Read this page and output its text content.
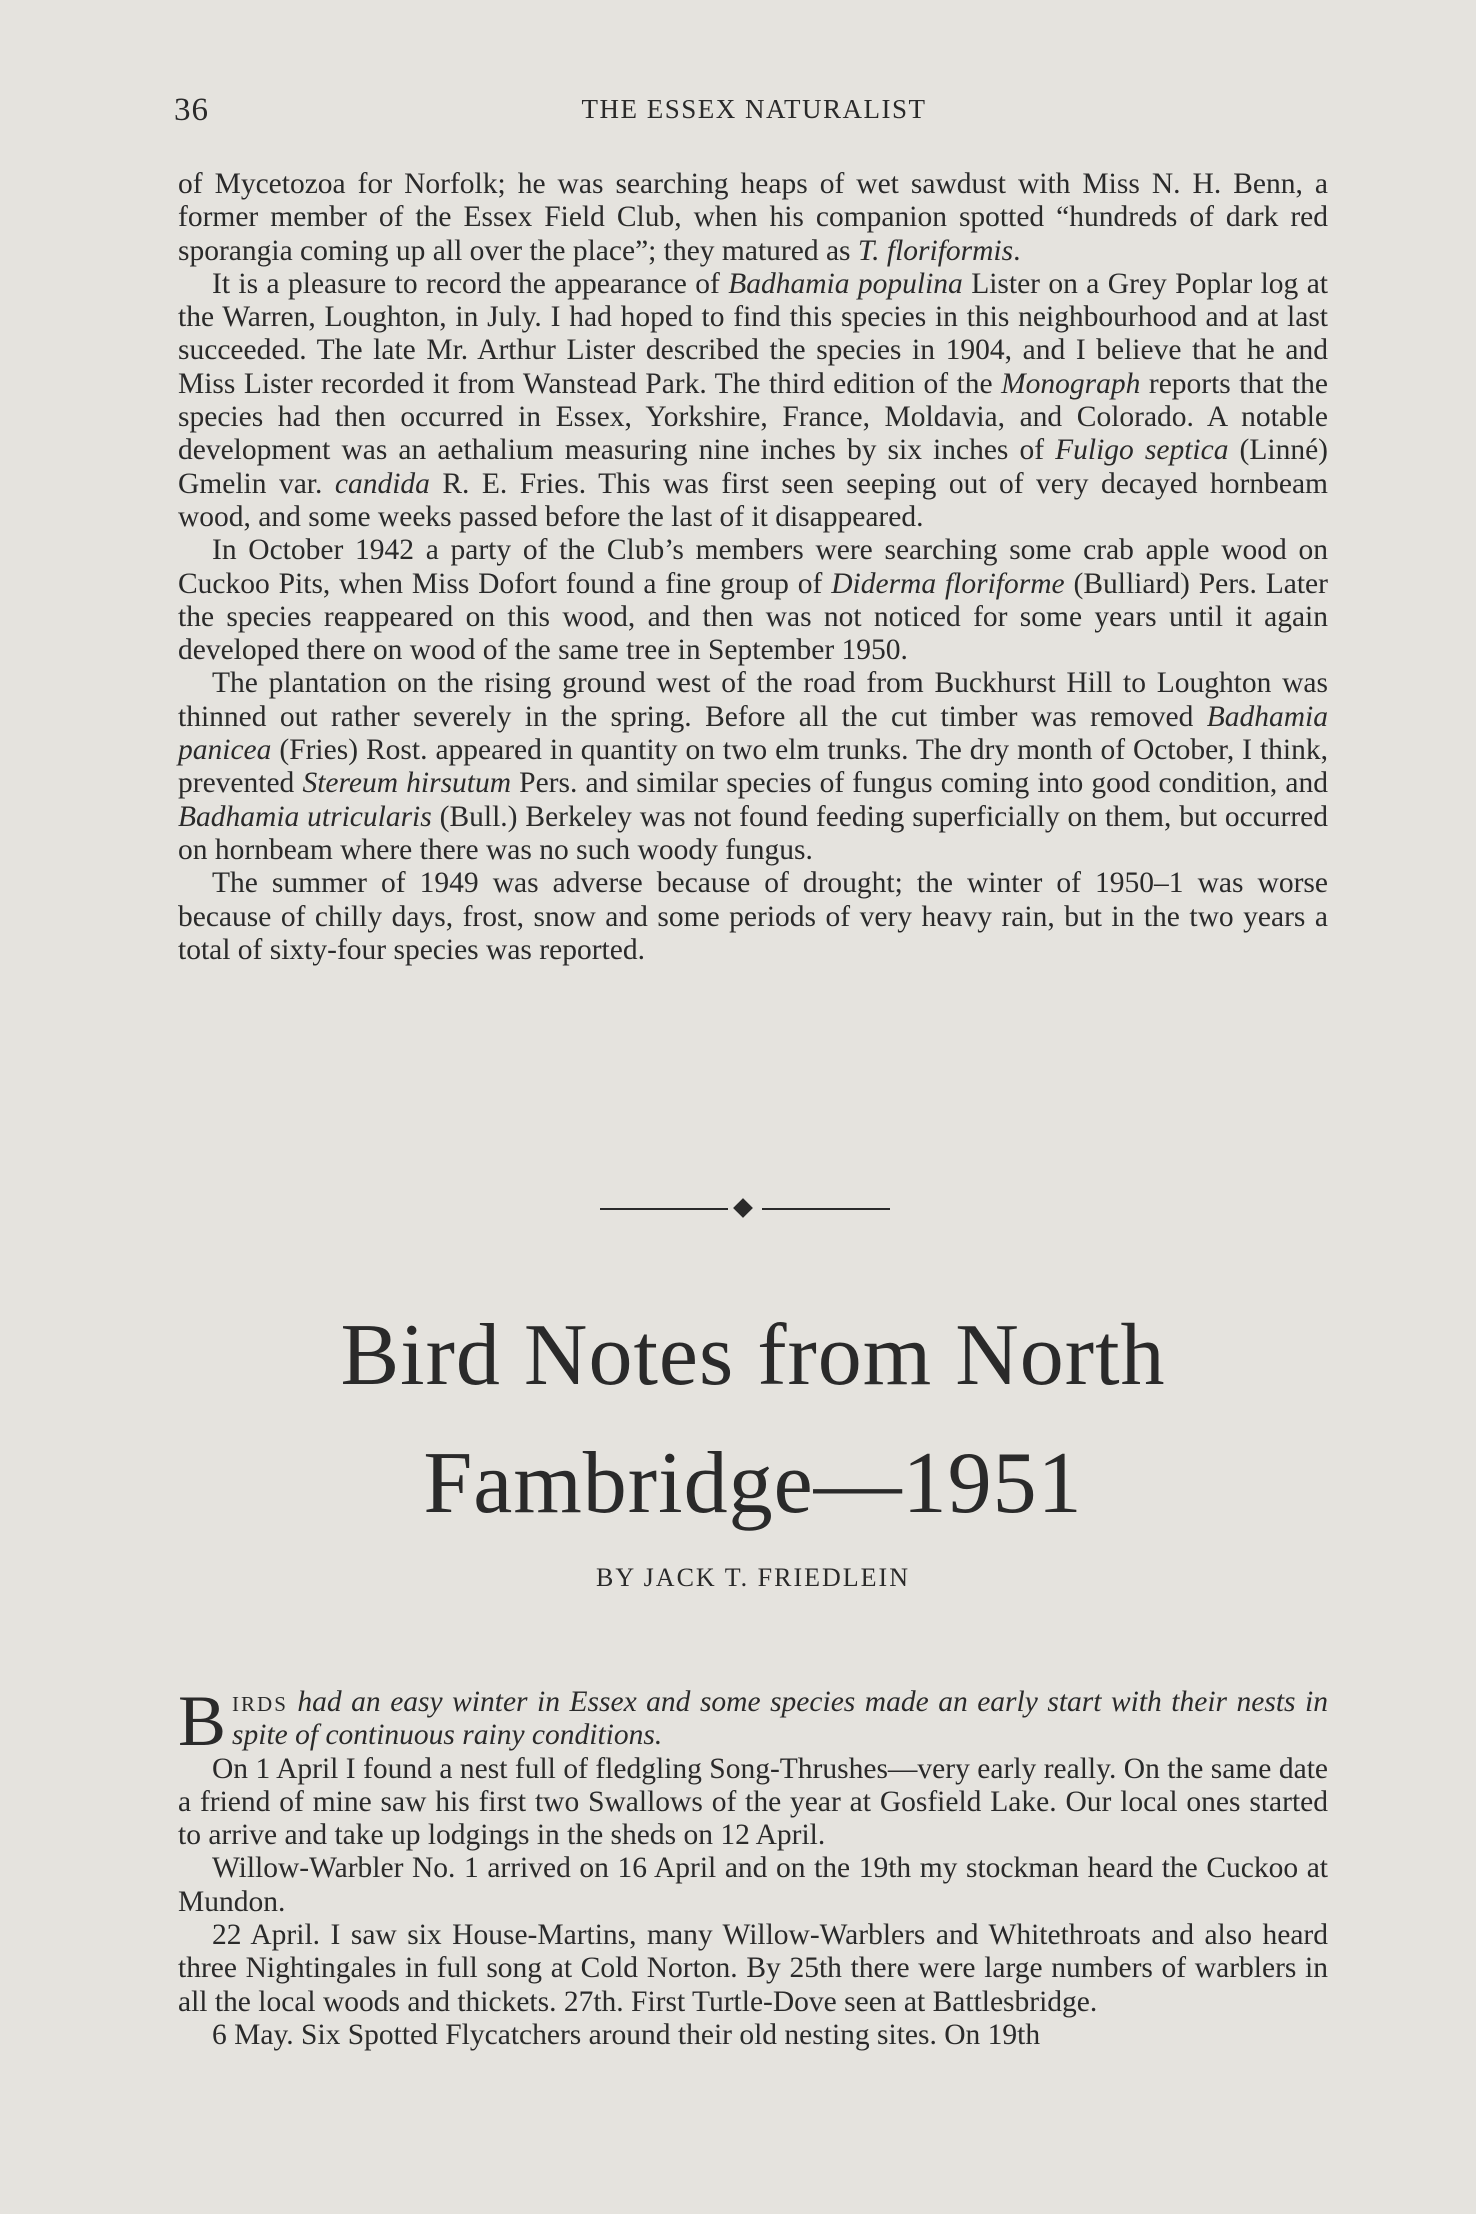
36	THE ESSEX NATURALIST

of Mycetozoa for Norfolk; he was searching heaps of wet sawdust with Miss N. H. Benn, a former member of the Essex Field Club, when his companion spotted “hundreds of dark red sporangia coming up all over the place”; they matured as T. floriformis.

It is a pleasure to record the appearance of Badhamia populina Lister on a Grey Poplar log at the Warren, Loughton, in July. I had hoped to find this species in this neighbourhood and at last succeeded. The late Mr. Arthur Lister described the species in 1904, and I believe that he and Miss Lister recorded it from Wanstead Park. The third edition of the Monograph reports that the species had then occurred in Essex, Yorkshire, France, Moldavia, and Colorado. A notable development was an aethalium measuring nine inches by six inches of Fuligo septica (Linné) Gmelin var. candida R. E. Fries. This was first seen seeping out of very decayed hornbeam wood, and some weeks passed before the last of it disappeared.

In October 1942 a party of the Club’s members were searching some crab apple wood on Cuckoo Pits, when Miss Dofort found a fine group of Diderma floriforme (Bulliard) Pers. Later the species reappeared on this wood, and then was not noticed for some years until it again developed there on wood of the same tree in September 1950.

The plantation on the rising ground west of the road from Buckhurst Hill to Loughton was thinned out rather severely in the spring. Before all the cut timber was removed Badhamia panicea (Fries) Rost. appeared in quantity on two elm trunks. The dry month of October, I think, prevented Stereum hirsutum Pers. and similar species of fungus coming into good condition, and Badhamia utricularis (Bull.) Berkeley was not found feeding superficially on them, but occurred on hornbeam where there was no such woody fungus.

The summer of 1949 was adverse because of drought; the winter of 1950–1 was worse because of chilly days, frost, snow and some periods of very heavy rain, but in the two years a total of sixty-four species was reported.

Bird Notes from North
Fambridge—1951
BY JACK T. FRIEDLEIN

Birds had an easy winter in Essex and some species made an early start with their nests in spite of continuous rainy conditions.

On 1 April I found a nest full of fledgling Song-Thrushes—very early really. On the same date a friend of mine saw his first two Swallows of the year at Gosfield Lake. Our local ones started to arrive and take up lodgings in the sheds on 12 April.

Willow-Warbler No. 1 arrived on 16 April and on the 19th my stockman heard the Cuckoo at Mundon.

22 April. I saw six House-Martins, many Willow-Warblers and Whitethroats and also heard three Nightingales in full song at Cold Norton. By 25th there were large numbers of warblers in all the local woods and thickets. 27th. First Turtle-Dove seen at Battlesbridge.

6 May. Six Spotted Flycatchers around their old nesting sites. On 19th
